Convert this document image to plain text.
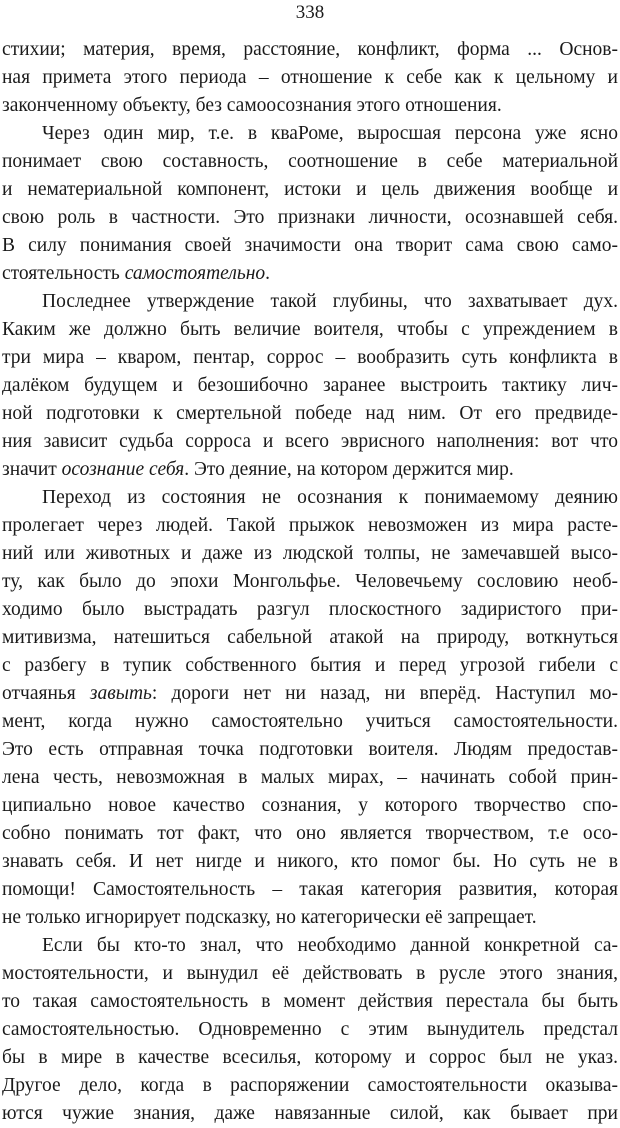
338
стихии; материя, время, расстояние, конфликт, форма ... Основ-
ная примета этого периода – отношение к себе как к цельному и
законченному объекту, без самоосознания этого отношения.
Через один мир, т.е. в кваРоме, выросшая персона уже ясно
понимает свою составность, соотношение в себе материальной
и нематериальной компонент, истоки и цель движения вообще и
свою роль в частности. Это признаки личности, осознавшей себя.
В силу понимания своей значимости она творит сама свою само-
стоятельность самостоятельно.
Последнее утверждение такой глубины, что захватывает дух.
Каким же должно быть величие воителя, чтобы с упреждением в
три мира – кваром, пентар, соррос – вообразить суть конфликта в
далёком будущем и безошибочно заранее выстроить тактику лич-
ной подготовки к смертельной победе над ним. От его предвиде-
ния зависит судьба сорроса и всего эврисного наполнения: вот что
значит осознание себя. Это деяние, на котором держится мир.
Переход из состояния не осознания к понимаемому деянию
пролегает через людей. Такой прыжок невозможен из мира расте-
ний или животных и даже из людской толпы, не замечавшей высо-
ту, как было до эпохи Монгольфье. Человечьему сословию необ-
ходимо было выстрадать разгул плоскостного задиристого при-
митивизма, натешиться сабельной атакой на природу, воткнуться
с разбегу в тупик собственного бытия и перед угрозой гибели с
отчаянья завыть: дороги нет ни назад, ни вперёд. Наступил мо-
мент, когда нужно самостоятельно учиться самостоятельности.
Это есть отправная точка подготовки воителя. Людям предостав-
лена честь, невозможная в малых мирах, – начинать собой прин-
ципиально новое качество сознания, у которого творчество спо-
собно понимать тот факт, что оно является творчеством, т.е осо-
знавать себя. И нет нигде и никого, кто помог бы. Но суть не в
помощи! Самостоятельность – такая категория развития, которая
не только игнорирует подсказку, но категорически её запрещает.
Если бы кто-то знал, что необходимо данной конкретной са-
мостоятельности, и вынудил её действовать в русле этого знания,
то такая самостоятельность в момент действия перестала бы быть
самостоятельностью. Одновременно с этим вынудитель предстал
бы в мире в качестве всесилья, которому и соррос был не указ.
Другое дело, когда в распоряжении самостоятельности оказыва-
ются чужие знания, даже навязанные силой, как бывает при
